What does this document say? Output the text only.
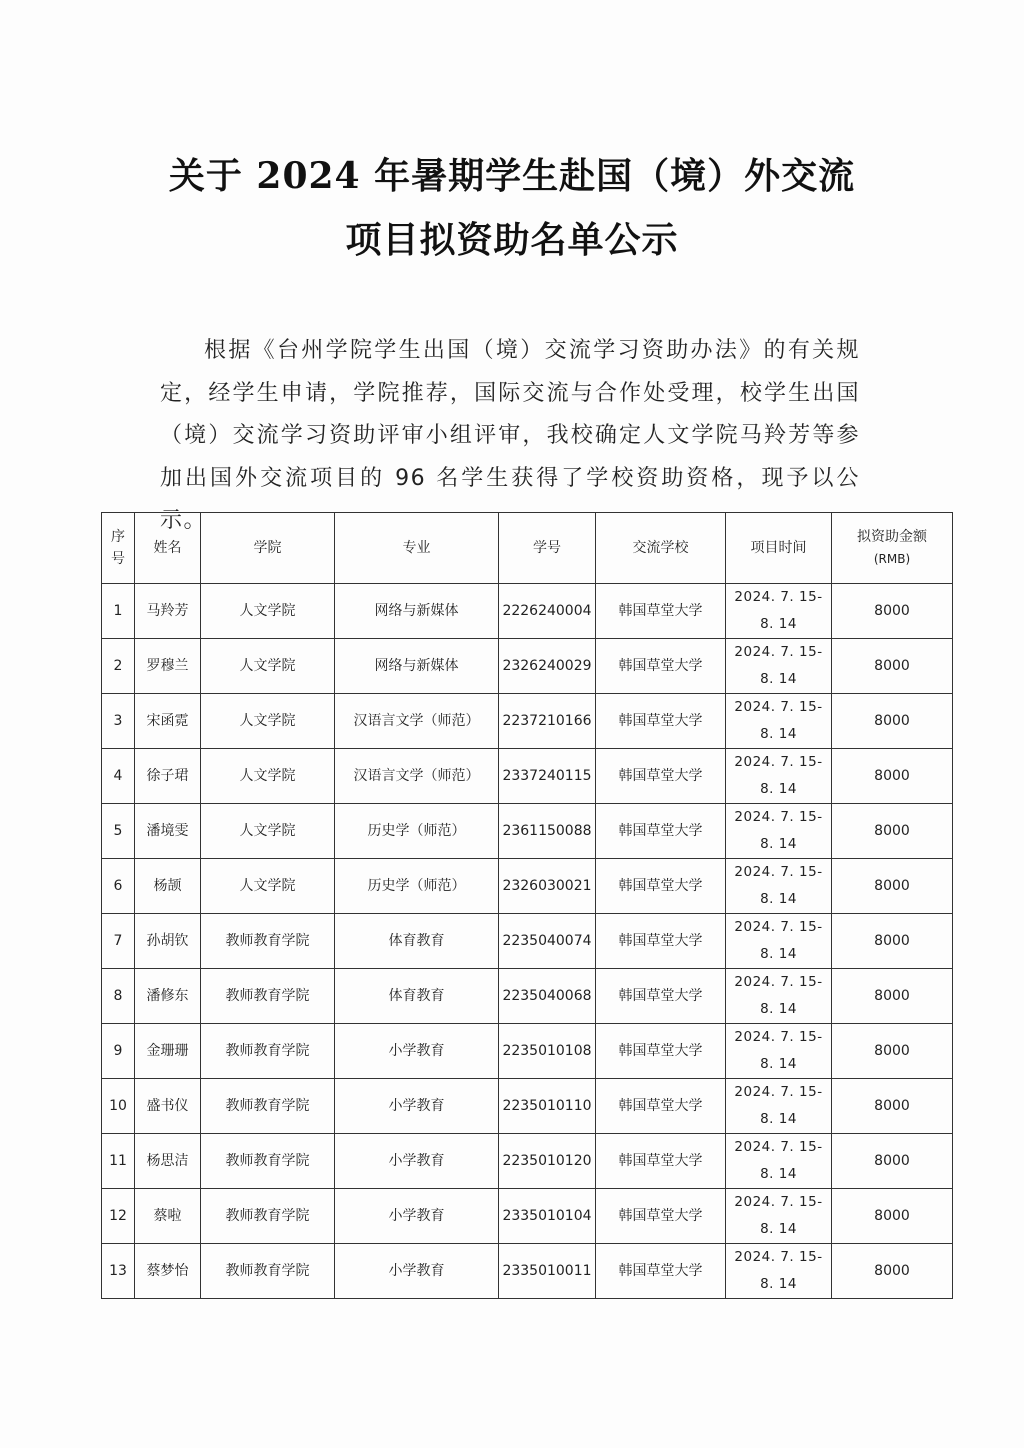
关于 2024 年暑期学生赴国（境）外交流
项目拟资助名单公示
根据《台州学院学生出国（境）交流学习资助办法》的有关规定，经学生申请，学院推荐，国际交流与合作处受理，校学生出国（境）交流学习资助评审小组评审，我校确定人文学院马羚芳等参加出国外交流项目的 96 名学生获得了学校资助资格，现予以公示。
序号	姓名	学院	专业	学号	交流学校	项目时间	拟资助金额
(RMB)

1	马羚芳	人文学院	网络与新媒体	2226240004	韩国草堂大学	2024. 7. 15-
8. 14	8000
2	罗穆兰	人文学院	网络与新媒体	2326240029	韩国草堂大学	2024. 7. 15-
8. 14	8000
3	宋函霓	人文学院	汉语言文学（师范）	2237210166	韩国草堂大学	2024. 7. 15-
8. 14	8000
4	徐子珺	人文学院	汉语言文学（师范）	2337240115	韩国草堂大学	2024. 7. 15-
8. 14	8000
5	潘境雯	人文学院	历史学（师范）	2361150088	韩国草堂大学	2024. 7. 15-
8. 14	8000
6	杨颉	人文学院	历史学（师范）	2326030021	韩国草堂大学	2024. 7. 15-
8. 14	8000
7	孙胡钦	教师教育学院	体育教育	2235040074	韩国草堂大学	2024. 7. 15-
8. 14	8000
8	潘修东	教师教育学院	体育教育	2235040068	韩国草堂大学	2024. 7. 15-
8. 14	8000
9	金珊珊	教师教育学院	小学教育	2235010108	韩国草堂大学	2024. 7. 15-
8. 14	8000
10	盛书仪	教师教育学院	小学教育	2235010110	韩国草堂大学	2024. 7. 15-
8. 14	8000
11	杨思洁	教师教育学院	小学教育	2235010120	韩国草堂大学	2024. 7. 15-
8. 14	8000
12	蔡啦	教师教育学院	小学教育	2335010104	韩国草堂大学	2024. 7. 15-
8. 14	8000
13	蔡梦怡	教师教育学院	小学教育	2335010011	韩国草堂大学	2024. 7. 15-
8. 14	8000
